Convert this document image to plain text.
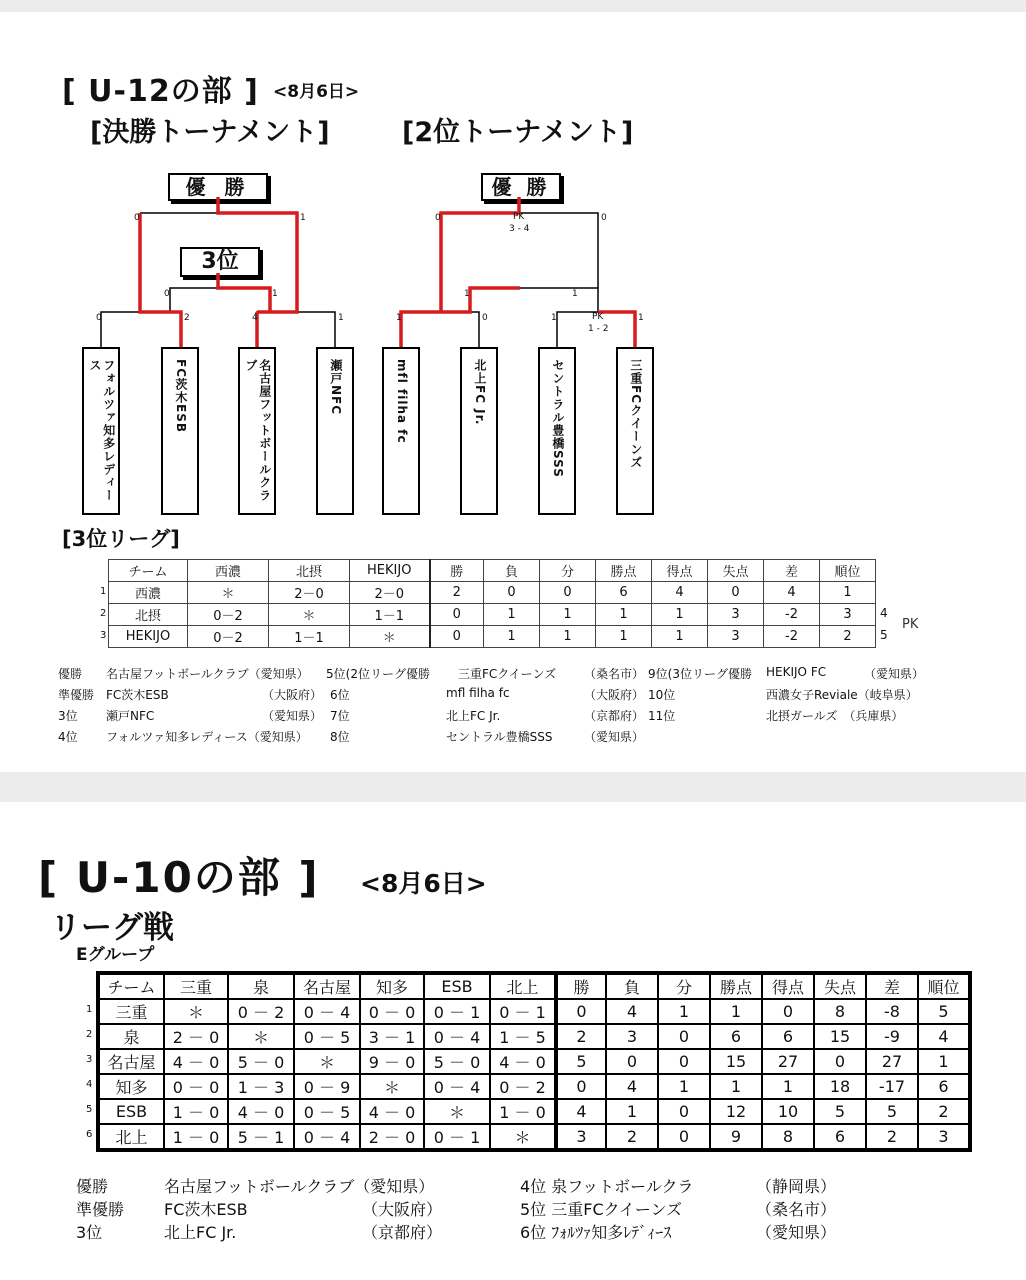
[ U-12の部 ] <8月6日>
[決勝トーナメント]	[2位トーナメント]
優 勝
3位
優 勝
0	2	4	1
0	1
0	1
1	0	1	1
PK
1 - 2
1	1
0	0
PK
3 - 4
フォルツァ知多レディース	FC茨木ESB	名古屋フットボールクラブ	瀬戸NFC	mfl filha fc	北上FC Jr.	セントラル豊橋SSS	三重FCクイーンズ
[3位リーグ]
チーム	西濃	北摂	HEKIJO	勝	負	分	勝点	得点	失点	差	順位
西濃	＊	2－0	2－0	2	0	0	6	4	0	4	1
北摂	0－2	＊	1－1	0	1	1	1	1	3	-2	3
HEKIJO	0－2	1－1	＊	0	1	1	1	1	3	-2	2
1
2
3
4
5
PK
優勝 名古屋フットボールクラブ（愛知県） 5位(2位リーグ優勝 三重FCクイーンズ （桑名市） 9位(3位リーグ優勝 HEKIJO FC	（愛知県）
準優勝 FC茨木ESB	（大阪府） 6位	mfl filha fc	（大阪府） 10位	西濃女子Reviale（岐阜県）
3位 瀬戸NFC	（愛知県） 7位	北上FC Jr.	（京都府） 11位	北摂ガールズ　（兵庫県）
4位 フォルツァ知多レディース（愛知県） 8位	セントラル豊橋SSS	（愛知県）
[ U-10の部 ] <8月6日>
リーグ戦
Eグループ
チーム	三重	泉	名古屋	知多	ESB	北上	勝	負	分	勝点	得点	失点	差	順位
三重	＊	0 － 2	0 － 4	0 － 0	0 － 1	0 － 1	0	4	1	1	0	8	-8	5
泉	2 － 0	＊	0 － 5	3 － 1	0 － 4	1 － 5	2	3	0	6	6	15	-9	4
名古屋	4 － 0	5 － 0	＊	9 － 0	5 － 0	4 － 0	5	0	0	15	27	0	27	1
知多	0 － 0	1 － 3	0 － 9	＊	0 － 4	0 － 2	0	4	1	1	1	18	-17	6
ESB	1 － 0	4 － 0	0 － 5	4 － 0	＊	1 － 0	4	1	0	12	10	5	5	2
北上	1 － 0	5 － 1	0 － 4	2 － 0	0 － 1	＊	3	2	0	9	8	6	2	3
1
2
3
4
5
6
優勝	名古屋フットボールクラブ（愛知県）	4位 泉フットボールクラ	（静岡県）
準優勝 FC茨木ESB	（大阪府）	5位 三重FCクイーンズ	（桑名市）
3位	北上FC Jr.	（京都府）	6位 ﾌｫﾙﾂｧ知多ﾚﾃﾞｨｰｽ	（愛知県）
